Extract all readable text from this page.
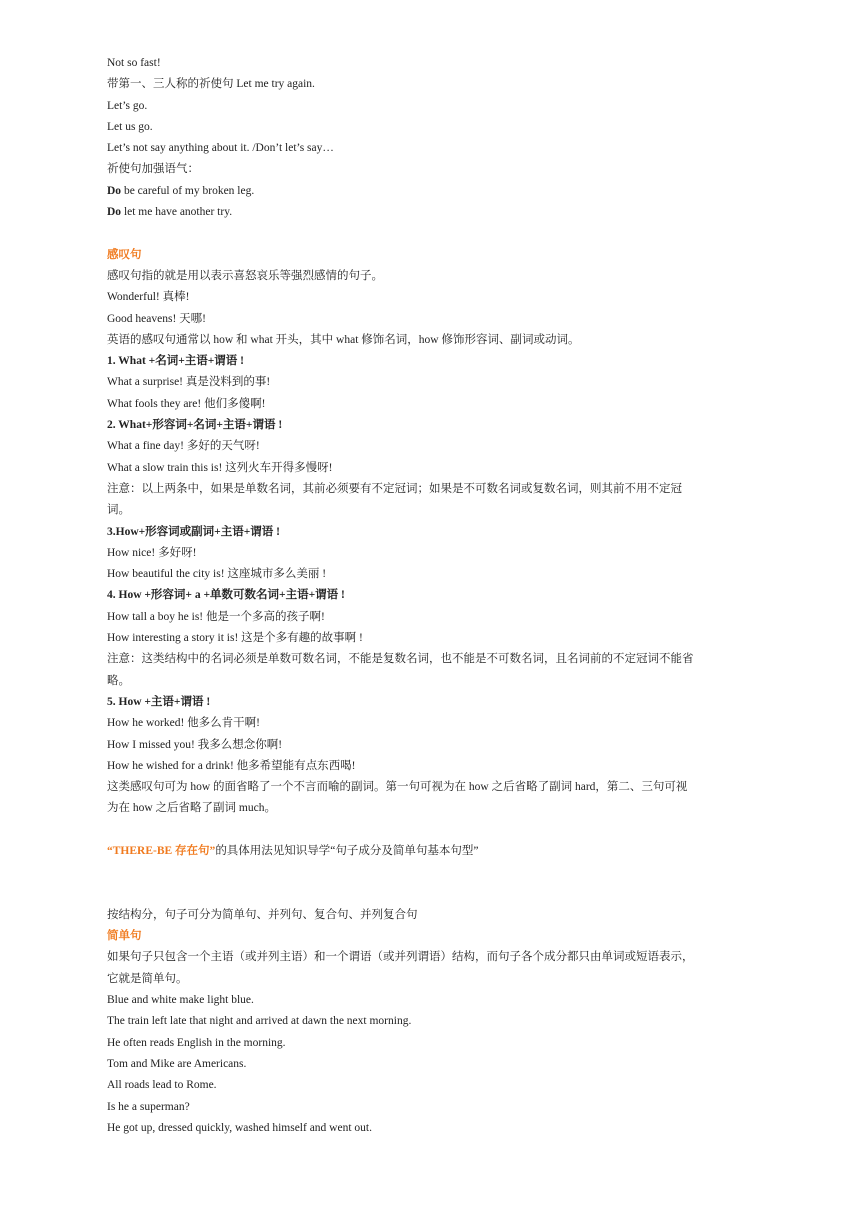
Not so fast!
带第一、三人称的祈使句 Let me try again.
Let’s go.
Let us go.
Let’s not say anything about it. /Don’t let’s say…
祈使句加强语气：
Do be careful of my broken leg.
Do let me have another try.
感叹句
感叹句指的就是用以表示喜怒哀乐等强烈感情的句子。
Wonderful! 真棒!
Good heavens! 天哪!
英语的感叹句通常以 how 和 what 开头，其中 what 修饰名词，how 修饰形容词、副词或动词。
1. What +名词+主语+谓语 !
What a surprise! 真是没料到的事!
What fools they are! 他们多傻啊!
2. What+形容词+名词+主语+谓语 !
What a fine day! 多好的天气呀!
What a slow train this is! 这列火车开得多慢呀!
注意：以上两条中，如果是单数名词，其前必须要有不定冠词；如果是不可数名词或复数名词，则其前不用不定冠词。
3.How+形容词或副词+主语+谓语 !
How nice! 多好呀!
How beautiful the city is! 这座城市多么美丽 !
4. How +形容词+ a +单数可数名词+主语+谓语 !
How tall a boy he is! 他是一个多高的孩子啊!
How interesting a story it is! 这是个多有趣的故事啊 !
注意：这类结构中的名词必须是单数可数名词，不能是复数名词，也不能是不可数名词，且名词前的不定冠词不能省略。
5. How +主语+谓语 !
How he worked! 他多么肯干啊!
How I missed you! 我多么想念你啊!
How he wished for a drink! 他多希望能有点东西喝!
这类感叹句可为 how 的面省略了一个不言而喻的副词。第一句可视为在 how 之后省略了副词 hard，第二、三句可视为在 how 之后省略了副词 much。
“THERE-BE 存在句”的具体用法见知识导学“句子成分及简单句基本句型”
按结构分，句子可分为简单句、并列句、复合句、并列复合句
简单句
如果句子只包含一个主语（或并列主语）和一个谓语（或并列谓语）结构，而句子各个成分都只由单词或短语表示，它就是简单句。
Blue and white make light blue.
The train left late that night and arrived at dawn the next morning.
He often reads English in the morning.
Tom and Mike are Americans.
All roads lead to Rome.
Is he a superman?
He got up, dressed quickly, washed himself and went out.
